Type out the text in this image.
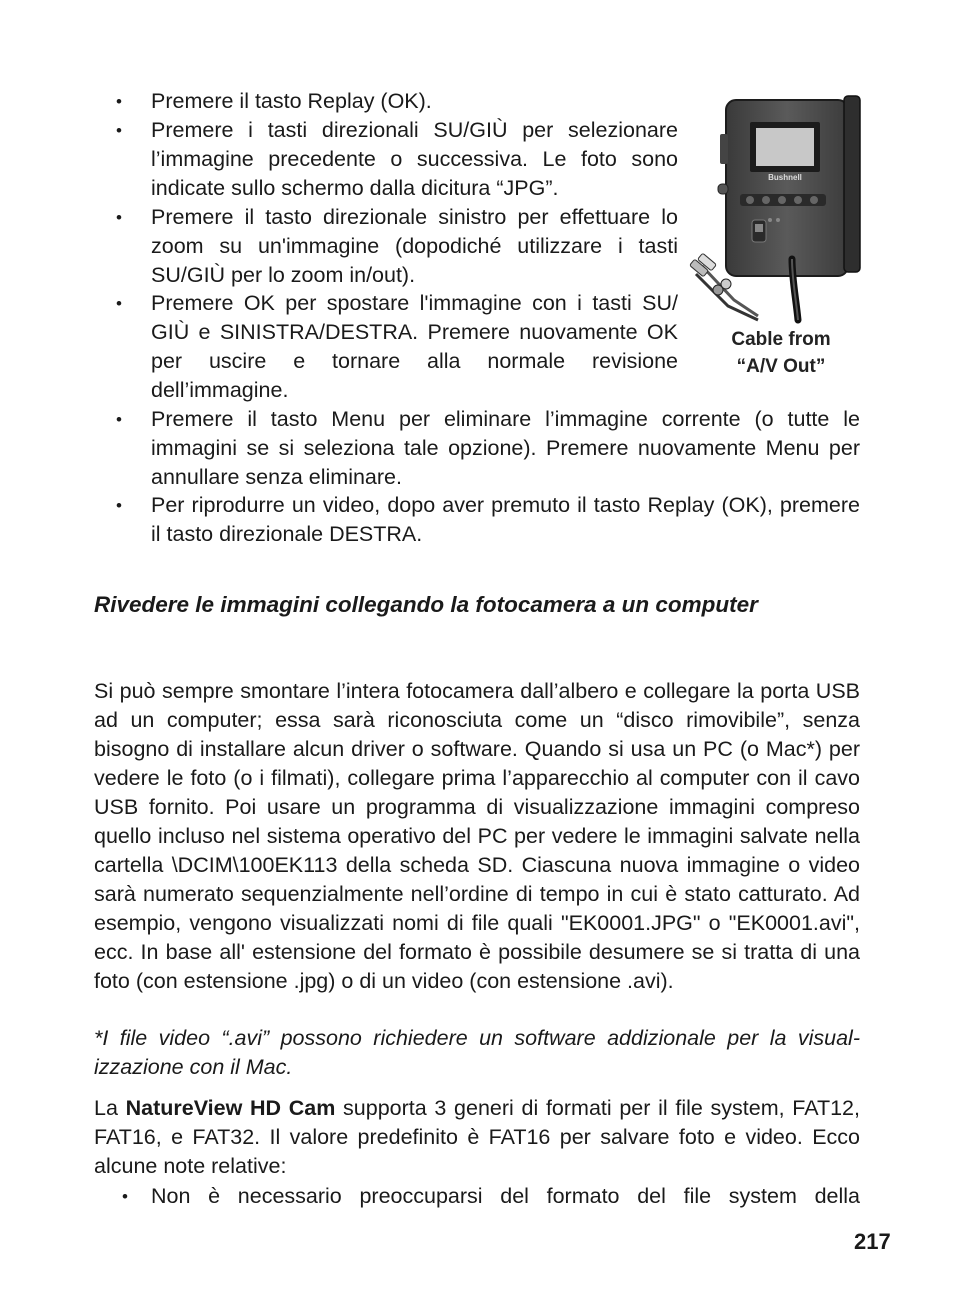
• Premere il tasto Replay (OK).
• Premere i tasti direzionali SU/GIÙ per selezionare l’immagine precedente o successiva. Le foto sono indicate sullo schermo dalla dicitura “JPG”.
• Premere il tasto direzionale sinistro per effettuare lo zoom su un'immagine (dopodiché utilizzare i tasti SU/GIÙ per lo zoom in/out).
• Premere OK per spostare l'immagine con i tasti SU/ GIÙ e SINISTRA/DESTRA. Premere nuovamente OK per uscire e tornare alla normale revisione dell’immagine.
• Premere il tasto Menu per eliminare l’immagine corrente (o tutte le immagini se si seleziona tale opzione). Premere nuovamente Menu per annullare senza eliminare.
• Per riprodurre un video, dopo aver premuto il tasto Replay (OK), premere il tasto direzionale DESTRA.
Bushnell
Cable from
“A/V Out”
Rivedere le immagini collegando la fotocamera a un computer

Si può sempre smontare l’intera fotocamera dall’albero e collegare la porta USB ad un computer; essa sarà riconosciuta come un “disco rimovibile”, senza bisogno di installare alcun driver o software. Quando si usa un PC (o Mac*) per vedere le foto (o i filmati), collegare prima l’apparecchio al computer con il cavo USB fornito. Poi usare un programma di visualizzazione immagini compreso quello incluso nel sistema operativo del PC per vedere le immagini salvate nella cartella \DCIM\100EK113 della scheda SD. Ciascuna nuova immagine o video sarà numerato sequenzialmente nell’ordine di tempo in cui è stato catturato. Ad esempio, vengono visualizzati nomi di file quali "EK0001.JPG" o "EK0001.avi", ecc. In base all' estensione del formato è possibile desumere se si tratta di una foto (con estensione .jpg) o di un video (con estensione .avi).

*I file video “.avi” possono richiedere un software addizionale per la visual-izzazione con il Mac.

La NatureView HD Cam supporta 3 generi di formati per il file system, FAT12, FAT16, e FAT32. Il valore predefinito è FAT16 per salvare foto e video. Ecco alcune note relative:

• Non è necessario preoccuparsi del formato del file system della
217
